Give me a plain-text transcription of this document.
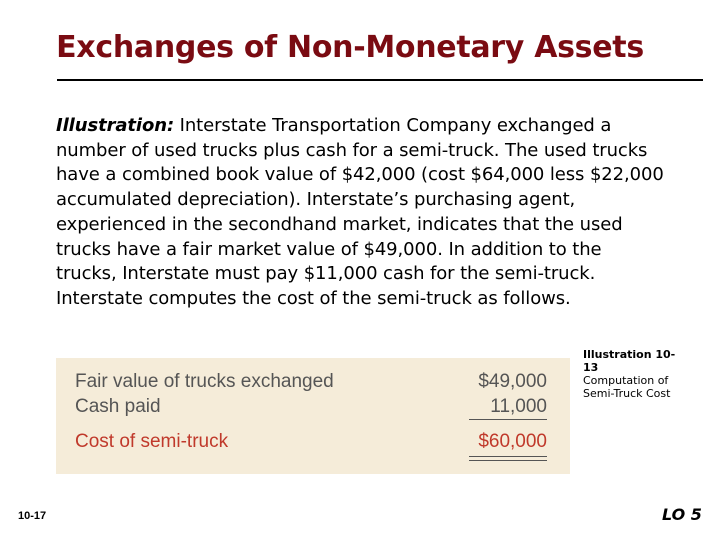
Exchanges of Non-Monetary Assets
Illustration: Interstate Transportation Company exchanged a number of used trucks plus cash for a semi-truck. The used trucks have a combined book value of $42,000 (cost $64,000 less $22,000 accumulated depreciation). Interstate’s purchasing agent, experienced in the secondhand market, indicates that the used trucks have a fair market value of $49,000. In addition to the trucks, Interstate must pay $11,000 cash for the semi-truck. Interstate computes the cost of the semi-truck as follows.
Fair value of trucks exchanged	$49,000
Cash paid	11,000
Cost of semi-truck	$60,000
Illustration 10-13
Computation of Semi-Truck Cost
10-17	LO 5
